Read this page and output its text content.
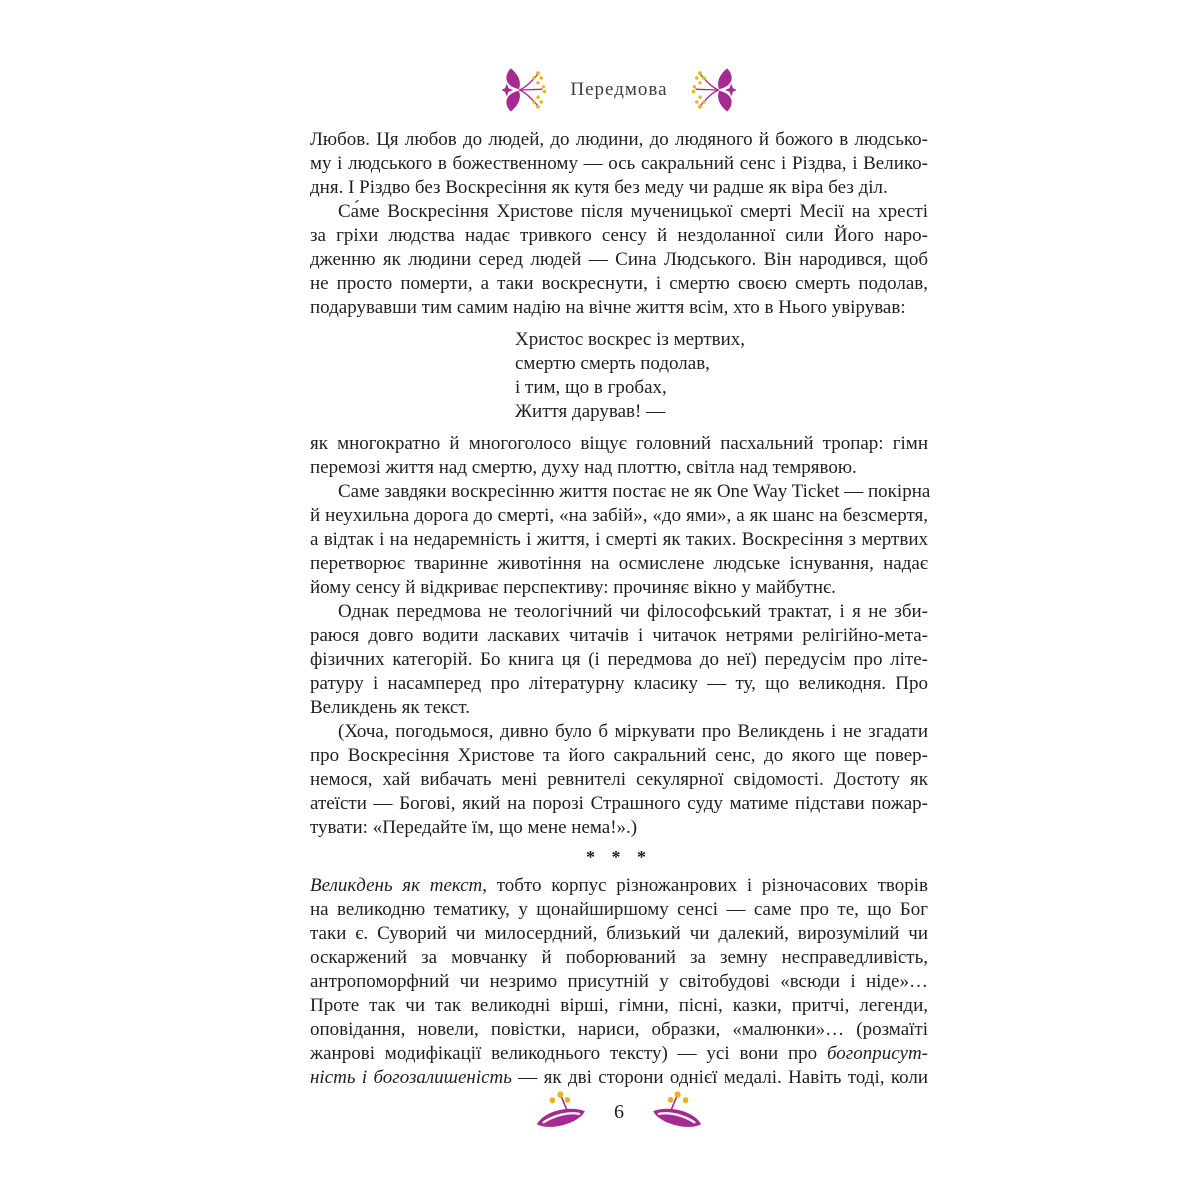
Передмова
Любов. Ця любов до людей, до людини, до людяного й божого в людсько-
му і людського в божественному — ось сакральний сенс і Різдва, і Велико-
дня. І Різдво без Воскресіння як кутя без меду чи радше як віра без діл.
Са́ме Воскресіння Христове після мученицької смерті Месії на хресті
за гріхи людства надає тривкого сенсу й нездоланної сили Його наро-
дженню як людини серед людей — Сина Людського. Він народився, щоб
не просто померти, а таки воскреснути, і смертю своєю смерть подолав,
подарувавши тим самим надію на вічне життя всім, хто в Нього увірував:
Христос воскрес із мертвих,
смертю смерть подолав,
і тим, що в гробах,
Життя дарував! —
як многократно й многоголосо віщує головний пасхальний тропар: гімн
перемозі життя над смертю, духу над плоттю, світла над темрявою.
Саме завдяки воскресінню життя постає не як One Way Ticket — покірна
й неухильна дорога до смерті, «на забій», «до ями», а як шанс на безсмертя,
а відтак і на недаремність і життя, і смерті як таких. Воскресіння з мертвих
перетворює тваринне животіння на осмислене людське існування, надає
йому сенсу й відкриває перспективу: прочиняє вікно у майбутнє.
Однак передмова не теологічний чи філософський трактат, і я не зби-
раюся довго водити ласкавих читачів і читачок нетрями релігійно-мета-
фізичних категорій. Бо книга ця (і передмова до неї) передусім про літе-
ратуру і насамперед про літературну класику — ту, що великодня. Про
Великдень як текст.
(Хоча, погодьмося, дивно було б міркувати про Великдень і не згадати
про Воскресіння Христове та його сакральний сенс, до якого ще повер-
немося, хай вибачать мені ревнителі секулярної свідомості. Достоту як
атеїсти — Богові, який на порозі Страшного суду матиме підстави пожар-
тувати: «Передайте їм, що мене нема!».)
* * *
Великдень як текст, тобто корпус різножанрових і різночасових творів
на великодню тематику, у щонайширшому сенсі — саме про те, що Бог
таки є. Суворий чи милосердний, близький чи далекий, вирозумілий чи
оскаржений за мовчанку й поборюваний за земну несправедливість,
антропоморфний чи незримо присутній у світобудові «всюди і ніде»…
Проте так чи так великодні вірші, гімни, пісні, казки, притчі, легенди,
оповідання, новели, повістки, нариси, образки, «малюнки»… (розмаїті
жанрові модифікації великоднього тексту) — усі вони про богоприсут-
ність і богозалишеність — як дві сторони однієї медалі. Навіть тоді, коли
6
